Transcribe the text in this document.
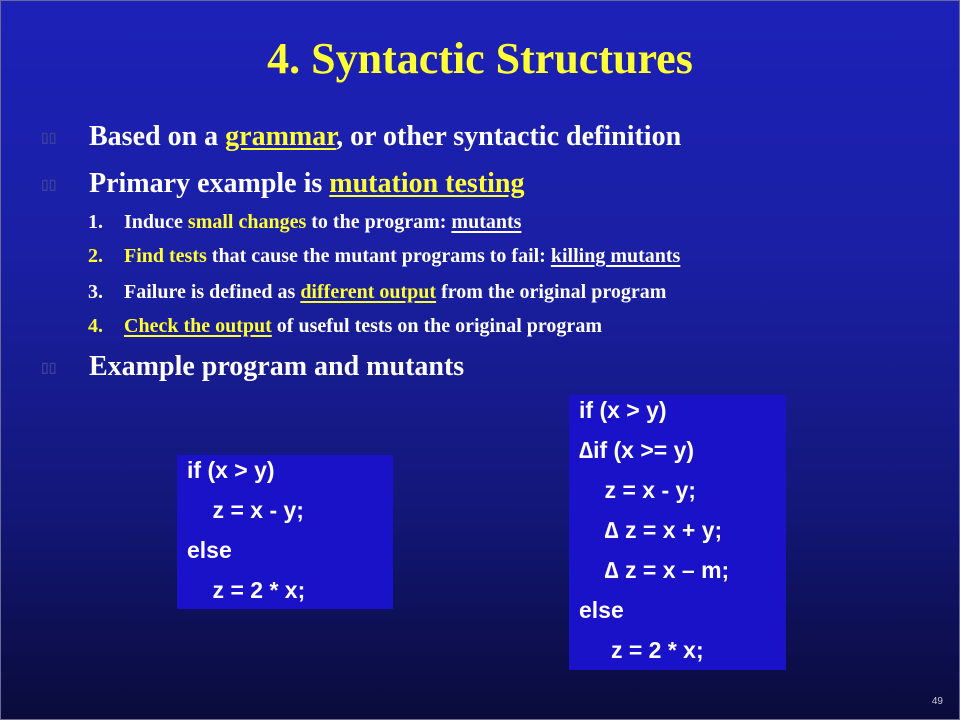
4. Syntactic Structures
▯▯ Based on a grammar, or other syntactic definition
▯▯ Primary example is mutation testing
1. Induce small changes to the program: mutants
2. Find tests that cause the mutant programs to fail: killing mutants
3. Failure is defined as different output from the original program
4. Check the output of useful tests on the original program
▯▯ Example program and mutants
if (x > y)
z = x - y;
else
z = 2 * x;
if (x > y)
∆if (x >= y)
z = x - y;
∆ z = x + y;
∆ z = x – m;
else
z = 2 * x;
49
